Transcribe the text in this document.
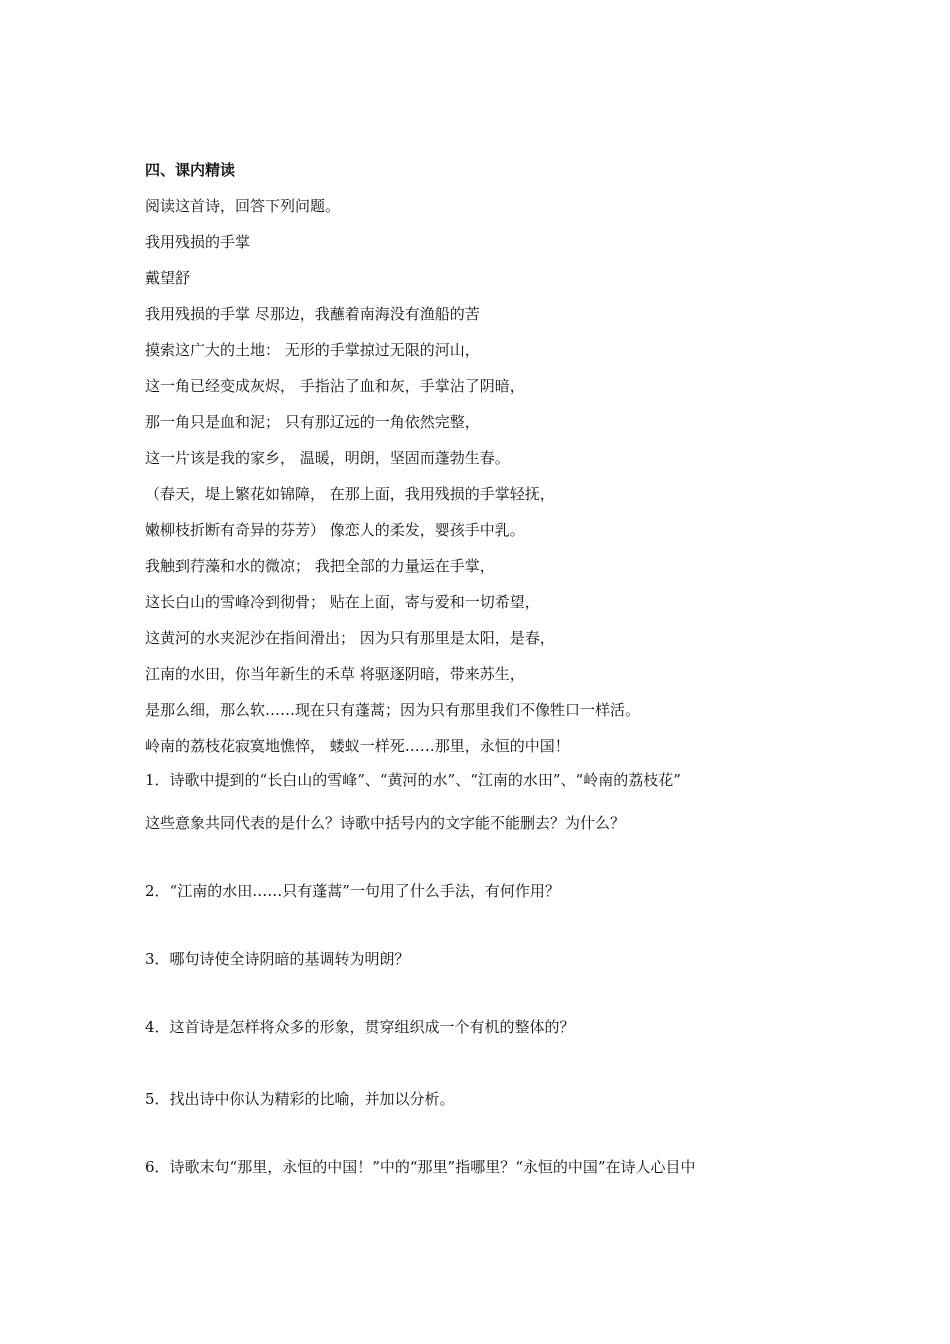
四、课内精读
阅读这首诗，回答下列问题。
我用残损的手掌
戴望舒
我用残损的手掌 尽那边，我蘸着南海没有渔船的苦
摸索这广大的土地： 无形的手掌掠过无限的河山，
这一角已经变成灰烬， 手指沾了血和灰，手掌沾了阴暗，
那一角只是血和泥； 只有那辽远的一角依然完整，
这一片该是我的家乡， 温暖，明朗，坚固而蓬勃生春。
（春天，堤上繁花如锦障， 在那上面，我用残损的手掌轻抚，
嫩柳枝折断有奇异的芬芳） 像恋人的柔发，婴孩手中乳。
我触到荇藻和水的微凉； 我把全部的力量运在手掌，
这长白山的雪峰冷到彻骨； 贴在上面，寄与爱和一切希望，
这黄河的水夹泥沙在指间滑出； 因为只有那里是太阳，是春，
江南的水田，你当年新生的禾草 将驱逐阴暗，带来苏生，
是那么细，那么软……现在只有蓬蒿；因为只有那里我们不像牲口一样活。
岭南的荔枝花寂寞地憔悴， 蝼蚁一样死……那里，永恒的中国！
1．诗歌中提到的“长白山的雪峰”、“黄河的水”、“江南的水田”、“岭南的荔枝花”
这些意象共同代表的是什么？诗歌中括号内的文字能不能删去？为什么？
2．“江南的水田……只有蓬蒿”一句用了什么手法，有何作用？
3．哪句诗使全诗阴暗的基调转为明朗？
4．这首诗是怎样将众多的形象，贯穿组织成一个有机的整体的？
5．找出诗中你认为精彩的比喻，并加以分析。
6．诗歌末句“那里，永恒的中国！”中的“那里”指哪里？“永恒的中国”在诗人心目中
